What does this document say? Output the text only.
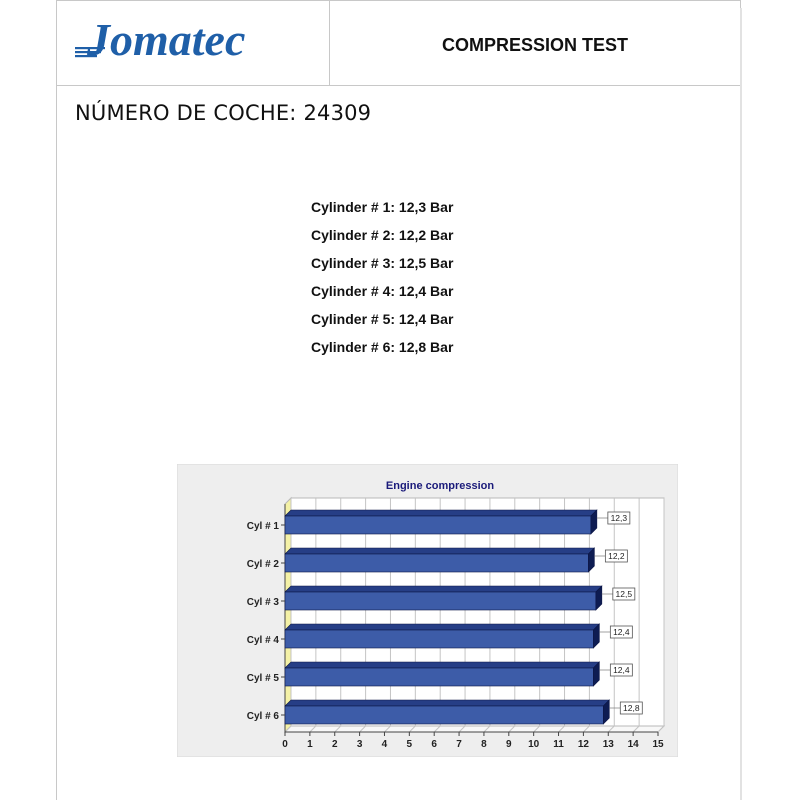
Jomatec	COMPRESSION TEST
NÚMERO DE COCHE: 24309
Cylinder # 1: 12,3 Bar
Cylinder # 2: 12,2 Bar
Cylinder # 3: 12,5 Bar
Cylinder # 4: 12,4 Bar
Cylinder # 5: 12,4 Bar
Cylinder # 6: 12,8 Bar
Engine compression
0 1 2 3 4 5 6 7 8 9 10 11 12 13 14 15
Cyl # 1
12,3
Cyl # 2
12,2
Cyl # 3
12,5
Cyl # 4
12,4
Cyl # 5
12,4
Cyl # 6
12,8
